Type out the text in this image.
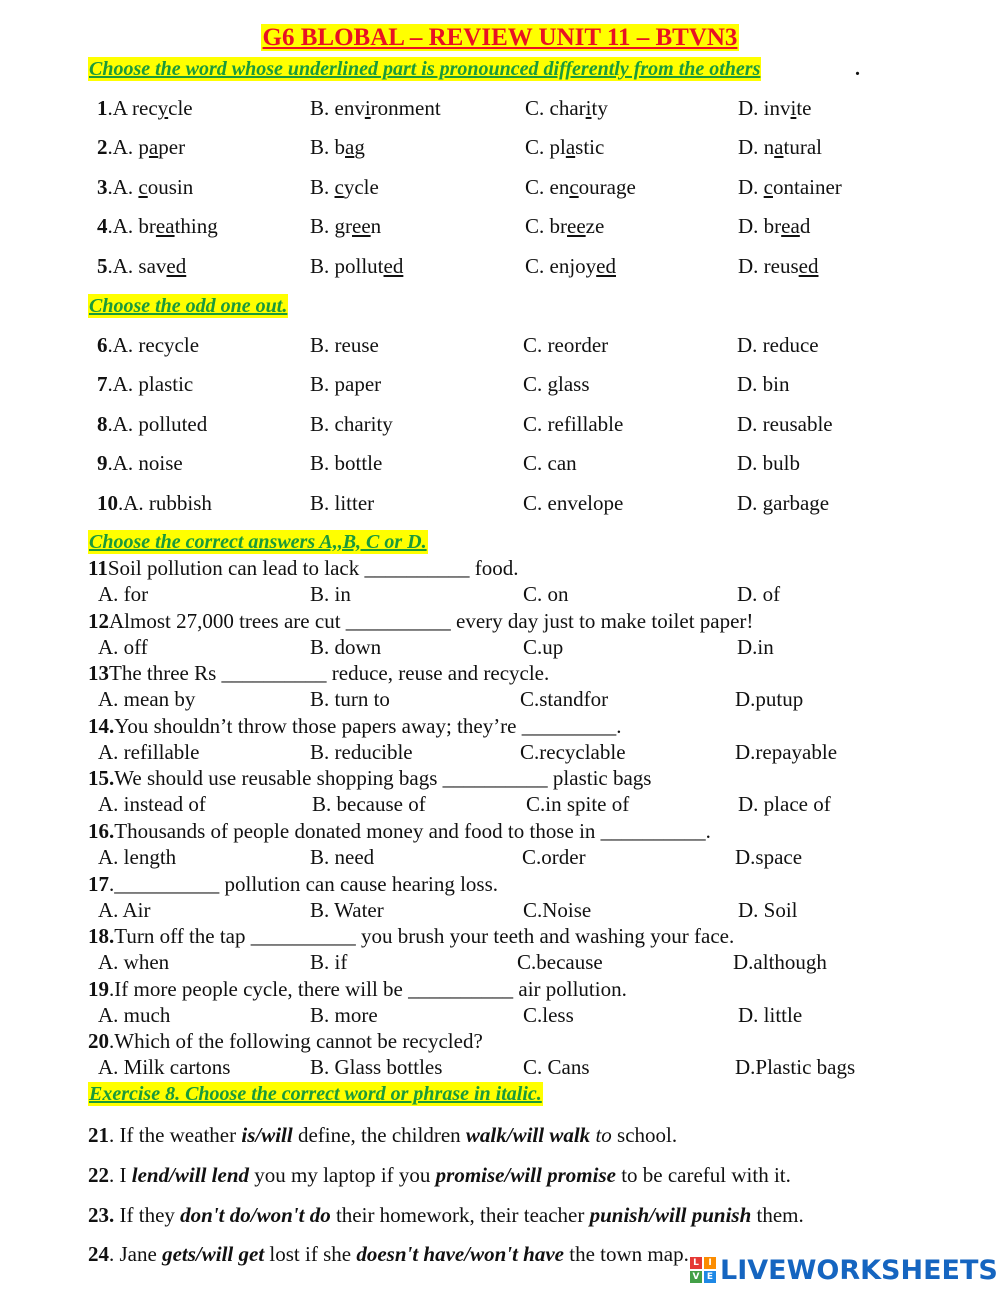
G6 BLOBAL – REVIEW UNIT 11 – BTVN3
Choose the word whose underlined part is pronounced differently from the others	.
1.A recycle	B. environment	C. charity	D. invite
2.A. paper	B. bag	C. plastic	D. natural
3.A. cousin	B. cycle	C. encourage	D. container
4.A. breathing	B. green	C. breeze	D. bread
5.A. saved	B. polluted	C. enjoyed	D. reused
Choose the odd one out.
6.A. recycle	B. reuse	C. reorder	D. reduce
7.A. plastic	B. paper	C. glass	D. bin
8.A. polluted	B. charity	C. refillable	D. reusable
9.A. noise	B. bottle	C. can	D. bulb
10.A. rubbish	B. litter	C. envelope	D. garbage
Choose the correct answers A,,B, C or D.
11Soil pollution can lead to lack __________ food.
A. for	B. in	C. on	D. of
12Almost 27,000 trees are cut __________ every day just to make toilet paper!
A. off	B. down	C.up	D.in
13The three Rs __________ reduce, reuse and recycle.
A. mean by	B. turn to	C.standfor	D.putup
14.You shouldn’t throw those papers away; they’re _________.
A. refillable	B. reducible	C.recyclable	D.repayable
15.We should use reusable shopping bags __________ plastic bags
A. instead of	B. because of	C.in spite of	D. place of
16.Thousands of people donated money and food to those in __________.
A. length	B. need	C.order	D.space
17.__________ pollution can cause hearing loss.
A. Air	B. Water	C.Noise	D. Soil
18.Turn off the tap __________ you brush your teeth and washing your face.
A. when	B. if	C.because	D.although
19.If more people cycle, there will be __________ air pollution.
A. much	B. more	C.less	D. little
20.Which of the following cannot be recycled?
A. Milk cartons	B. Glass bottles	C. Cans	D.Plastic bags
Exercise 8. Choose the correct word or phrase in italic.
21. If the weather is/will define, the children walk/will walk to school.
22. I lend/will lend you my laptop if you promise/will promise to be careful with it.
23. If they don't do/won't do their homework, their teacher punish/will punish them.
24. Jane gets/will get lost if she doesn't have/won't have the town map. L	I
V E LIVEWORKSHEETS
